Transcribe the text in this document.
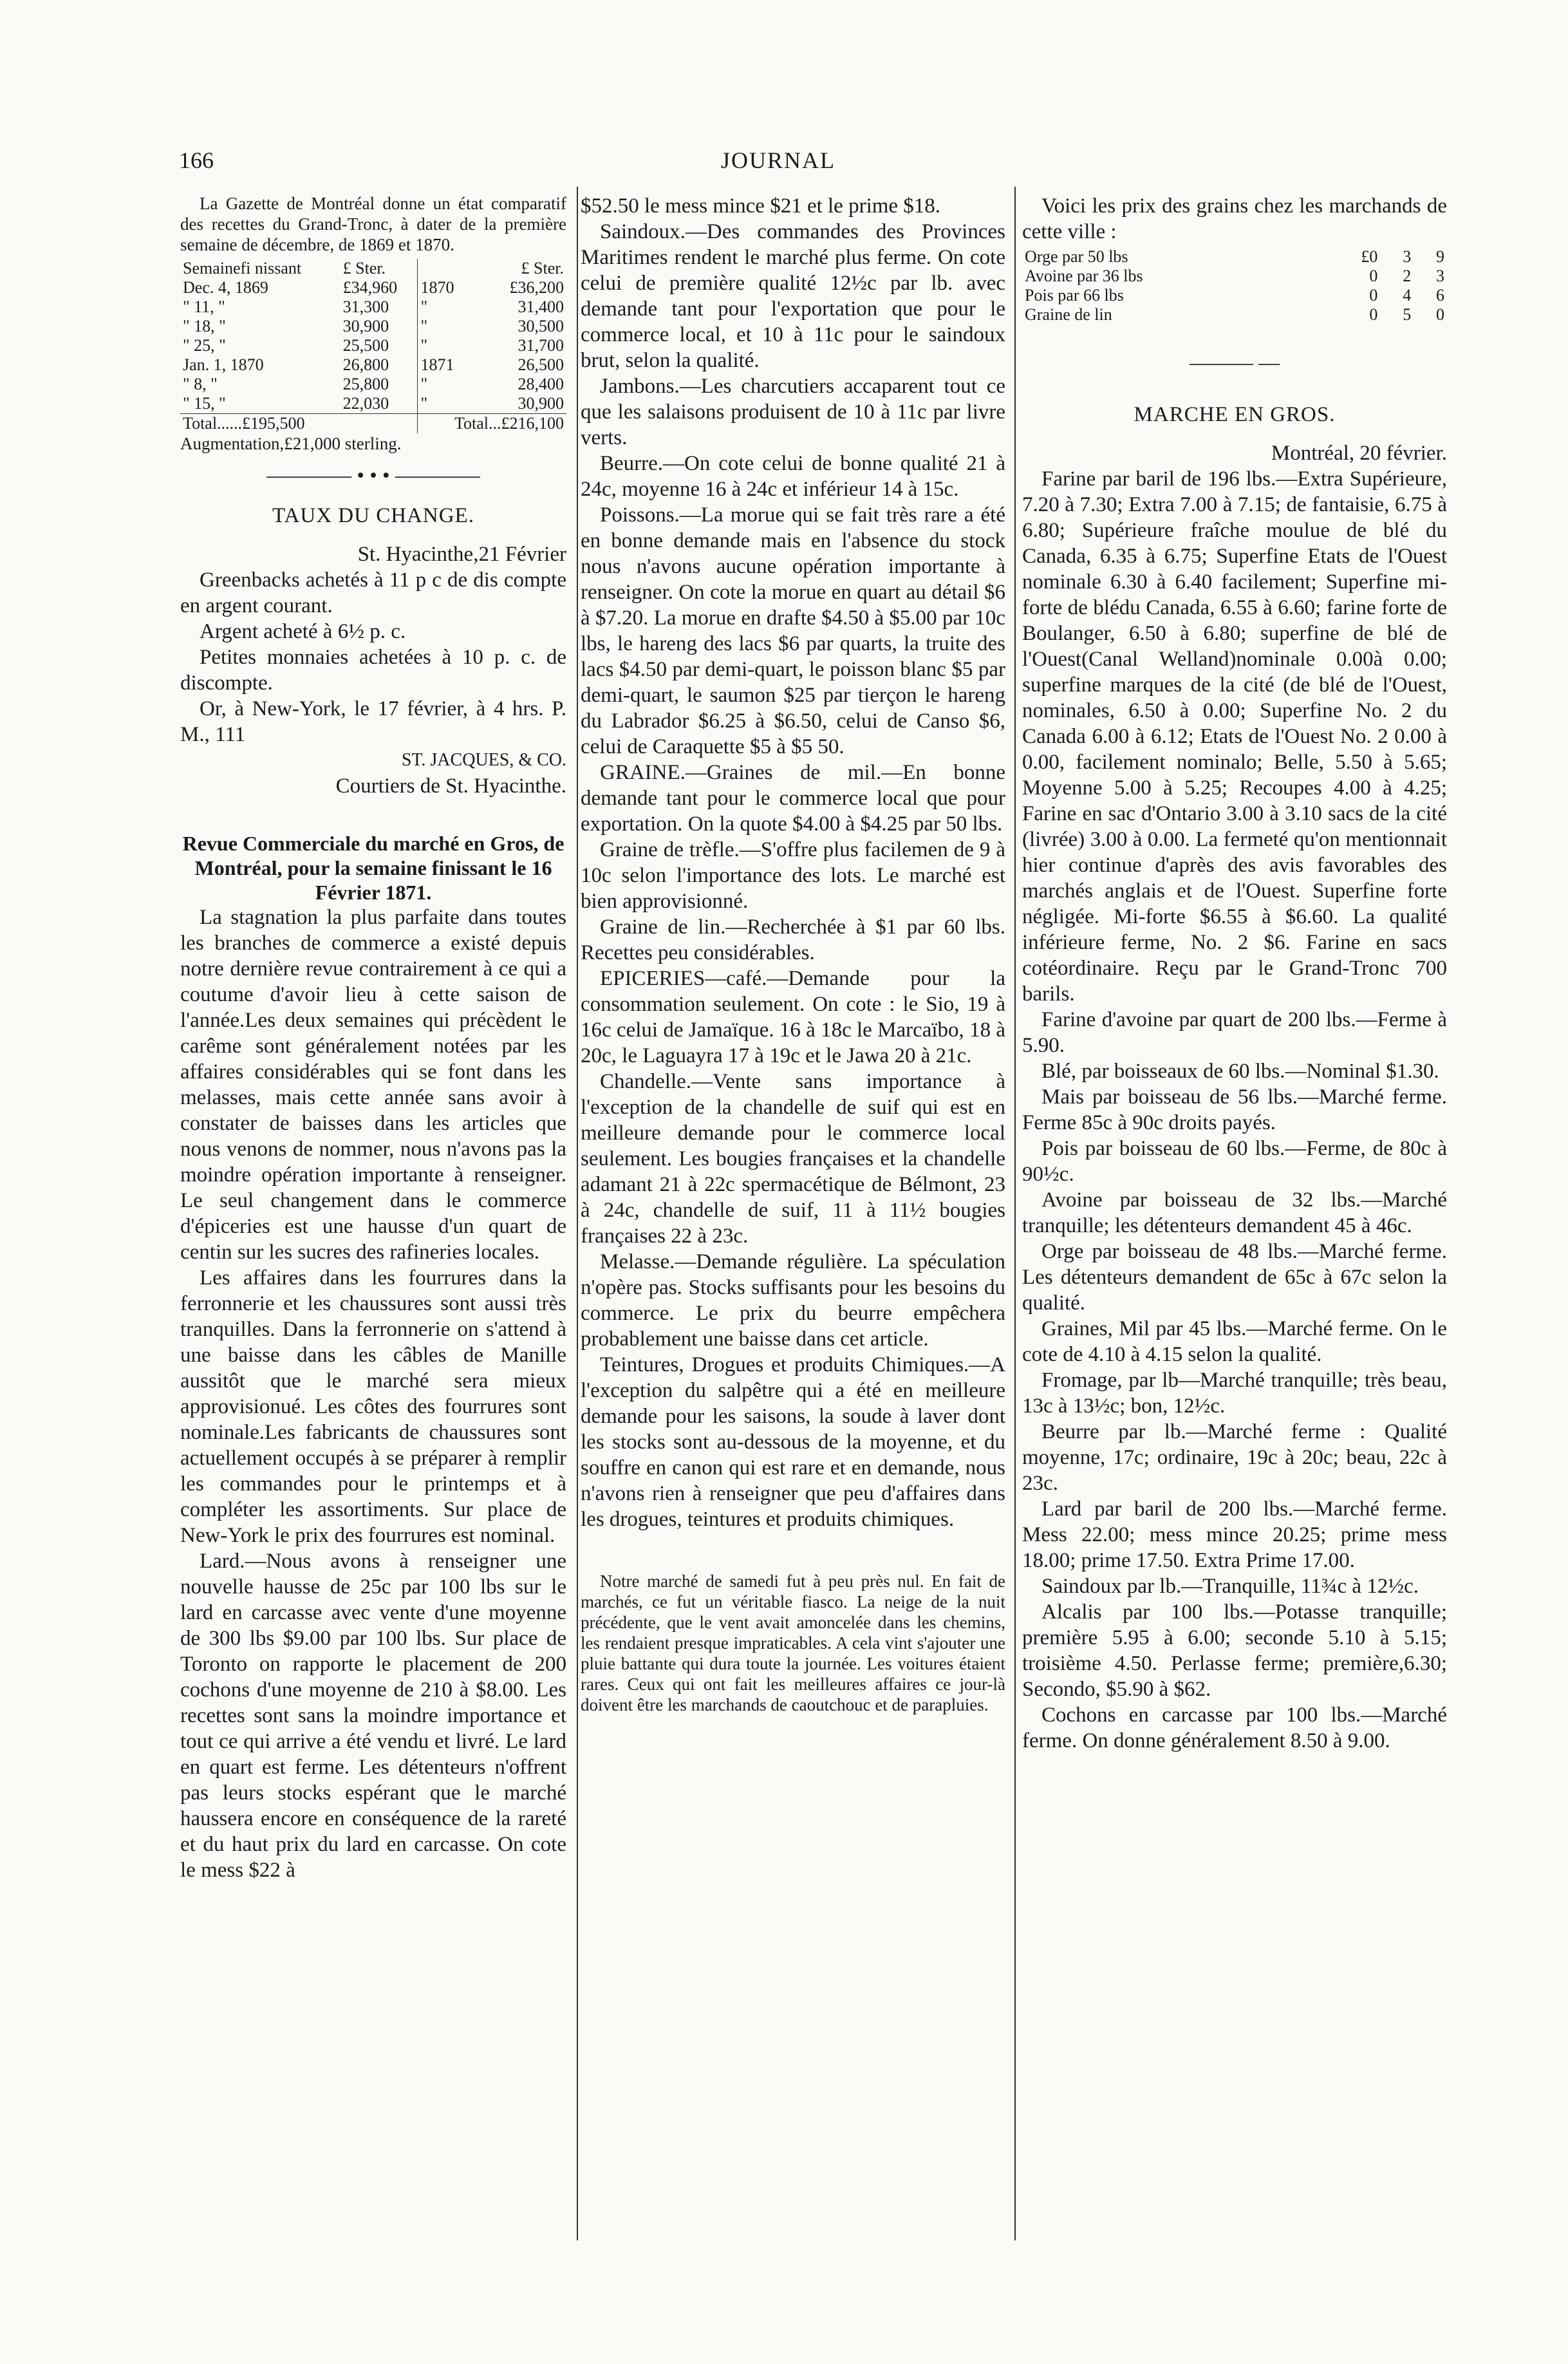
166	JOURNAL

La Gazette de Montréal donne un état comparatif des recettes du Grand-Tronc, à dater de la première semaine de décembre, de 1869 et 1870.

Semainefi nissant	£ Ster.		£ Ster.
Dec. 4, 1869	£34,960	1870	£36,200
" 11, "	31,300	"	31,400
" 18, "	30,900	"	30,500
" 25, "	25,500	"	31,700
Jan. 1, 1870	26,800	1871	26,500
" 8, "	25,800	"	28,400
" 15, "	22,030	"	30,900
Total......£195,500		Total...£216,100	

Augmentation,£21,000 sterling.

———— • • • ————
TAUX DU CHANGE.

St. Hyacinthe,21 Février

Greenbacks achetés à 11 p c de dis compte en argent courant.

Argent acheté à 6½ p. c.

Petites monnaies achetées à 10 p. c. de discompte.

Or, à New-York, le 17 février, à 4 hrs. P. M., 111

ST. JACQUES, & CO.

Courtiers de St. Hyacinthe.

Revue Commerciale du marché en Gros, de Montréal, pour la semaine finissant le 16 Février 1871.

La stagnation la plus parfaite dans toutes les branches de commerce a existé depuis notre dernière revue contrairement à ce qui a coutume d'avoir lieu à cette saison de l'année.Les deux semaines qui précèdent le carême sont généralement notées par les affaires considérables qui se font dans les melasses, mais cette année sans avoir à constater de baisses dans les articles que nous venons de nommer, nous n'avons pas la moindre opération importante à renseigner. Le seul changement dans le commerce d'épiceries est une hausse d'un quart de centin sur les sucres des rafineries locales.

Les affaires dans les fourrures dans la ferronnerie et les chaussures sont aussi très tranquilles. Dans la ferronnerie on s'attend à une baisse dans les câbles de Manille aussitôt que le marché sera mieux approvisionué. Les côtes des fourrures sont nominale.Les fabricants de chaussures sont actuellement occupés à se préparer à remplir les commandes pour le printemps et à compléter les assortiments. Sur place de New-York le prix des fourrures est nominal.

Lard.—Nous avons à renseigner une nouvelle hausse de 25c par 100 lbs sur le lard en carcasse avec vente d'une moyenne de 300 lbs $9.00 par 100 lbs. Sur place de Toronto on rapporte le placement de 200 cochons d'une moyenne de 210 à $8.00. Les recettes sont sans la moindre importance et tout ce qui arrive a été vendu et livré. Le lard en quart est ferme. Les détenteurs n'offrent pas leurs stocks espérant que le marché haussera encore en conséquence de la rareté et du haut prix du lard en carcasse. On cote le mess $22 à

$52.50 le mess mince $21 et le prime $18.

Saindoux.—Des commandes des Provinces Maritimes rendent le marché plus ferme. On cote celui de première qualité 12½c par lb. avec demande tant pour l'exportation que pour le commerce local, et 10 à 11c pour le saindoux brut, selon la qualité.

Jambons.—Les charcutiers accaparent tout ce que les salaisons produisent de 10 à 11c par livre verts.

Beurre.—On cote celui de bonne qualité 21 à 24c, moyenne 16 à 24c et inférieur 14 à 15c.

Poissons.—La morue qui se fait très rare a été en bonne demande mais en l'absence du stock nous n'avons aucune opération importante à renseigner. On cote la morue en quart au détail $6 à $7.20. La morue en drafte $4.50 à $5.00 par 10c lbs, le hareng des lacs $6 par quarts, la truite des lacs $4.50 par demi-quart, le poisson blanc $5 par demi-quart, le saumon $25 par tierçon le hareng du Labrador $6.25 à $6.50, celui de Canso $6, celui de Caraquette $5 à $5 50.

GRAINE.—Graines de mil.—En bonne demande tant pour le commerce local que pour exportation. On la quote $4.00 à $4.25 par 50 lbs.

Graine de trèfle.—S'offre plus facilemen de 9 à 10c selon l'importance des lots. Le marché est bien approvisionné.

Graine de lin.—Recherchée à $1 par 60 lbs. Recettes peu considérables.

EPICERIES—café.—Demande pour la consommation seulement. On cote : le Sio, 19 à 16c celui de Jamaïque. 16 à 18c le Marcaïbo, 18 à 20c, le Laguayra 17 à 19c et le Jawa 20 à 21c.

Chandelle.—Vente sans importance à l'exception de la chandelle de suif qui est en meilleure demande pour le commerce local seulement. Les bougies françaises et la chandelle adamant 21 à 22c spermacétique de Bélmont, 23 à 24c, chandelle de suif, 11 à 11½ bougies françaises 22 à 23c.

Melasse.—Demande régulière. La spéculation n'opère pas. Stocks suffisants pour les besoins du commerce. Le prix du beurre empêchera probablement une baisse dans cet article.

Teintures, Drogues et produits Chimiques.—A l'exception du salpêtre qui a été en meilleure demande pour les saisons, la soude à laver dont les stocks sont au-dessous de la moyenne, et du souffre en canon qui est rare et en demande, nous n'avons rien à renseigner que peu d'affaires dans les drogues, teintures et produits chimiques.

Notre marché de samedi fut à peu près nul. En fait de marchés, ce fut un véritable fiasco. La neige de la nuit précédente, que le vent avait amoncelée dans les chemins, les rendaient presque impraticables. A cela vint s'ajouter une pluie battante qui dura toute la journée. Les voitures étaient rares. Ceux qui ont fait les meilleures affaires ce jour-là doivent être les marchands de caoutchouc et de parapluies.

Voici les prix des grains chez les marchands de cette ville :

Orge par 50 lbs	£0	3	9
Avoine par 36 lbs	0	2	3
Pois par 66 lbs	0	4	6
Graine de lin	0	5	0
——— —
MARCHE EN GROS.

Montréal, 20 février.

Farine par baril de 196 lbs.—Extra Supérieure, 7.20 à 7.30; Extra 7.00 à 7.15; de fantaisie, 6.75 à 6.80; Supérieure fraîche moulue de blé du Canada, 6.35 à 6.75; Superfine Etats de l'Ouest nominale 6.30 à 6.40 facilement; Superfine mi-forte de blédu Canada, 6.55 à 6.60; farine forte de Boulanger, 6.50 à 6.80; superfine de blé de l'Ouest(Canal Welland)nominale 0.00à 0.00; superfine marques de la cité (de blé de l'Ouest, nominales, 6.50 à 0.00; Superfine No. 2 du Canada 6.00 à 6.12; Etats de l'Ouest No. 2 0.00 à 0.00, facilement nominalo; Belle, 5.50 à 5.65; Moyenne 5.00 à 5.25; Recoupes 4.00 à 4.25; Farine en sac d'Ontario 3.00 à 3.10 sacs de la cité (livrée) 3.00 à 0.00. La fermeté qu'on mentionnait hier continue d'après des avis favorables des marchés anglais et de l'Ouest. Superfine forte négligée. Mi-forte $6.55 à $6.60. La qualité inférieure ferme, No. 2 $6. Farine en sacs cotéordinaire. Reçu par le Grand-Tronc 700 barils.

Farine d'avoine par quart de 200 lbs.—Ferme à 5.90.

Blé, par boisseaux de 60 lbs.—Nominal $1.30.

Mais par boisseau de 56 lbs.—Marché ferme. Ferme 85c à 90c droits payés.

Pois par boisseau de 60 lbs.—Ferme, de 80c à 90½c.

Avoine par boisseau de 32 lbs.—Marché tranquille; les détenteurs demandent 45 à 46c.

Orge par boisseau de 48 lbs.—Marché ferme. Les détenteurs demandent de 65c à 67c selon la qualité.

Graines, Mil par 45 lbs.—Marché ferme. On le cote de 4.10 à 4.15 selon la qualité.

Fromage, par lb—Marché tranquille; très beau, 13c à 13½c; bon, 12½c.

Beurre par lb.—Marché ferme : Qualité moyenne, 17c; ordinaire, 19c à 20c; beau, 22c à 23c.

Lard par baril de 200 lbs.—Marché ferme. Mess 22.00; mess mince 20.25; prime mess 18.00; prime 17.50. Extra Prime 17.00.

Saindoux par lb.—Tranquille, 11¾c à 12½c.

Alcalis par 100 lbs.—Potasse tranquille; première 5.95 à 6.00; seconde 5.10 à 5.15; troisième 4.50. Perlasse ferme; première,6.30; Secondo, $5.90 à $62.

Cochons en carcasse par 100 lbs.—Marché ferme. On donne généralement 8.50 à 9.00.
